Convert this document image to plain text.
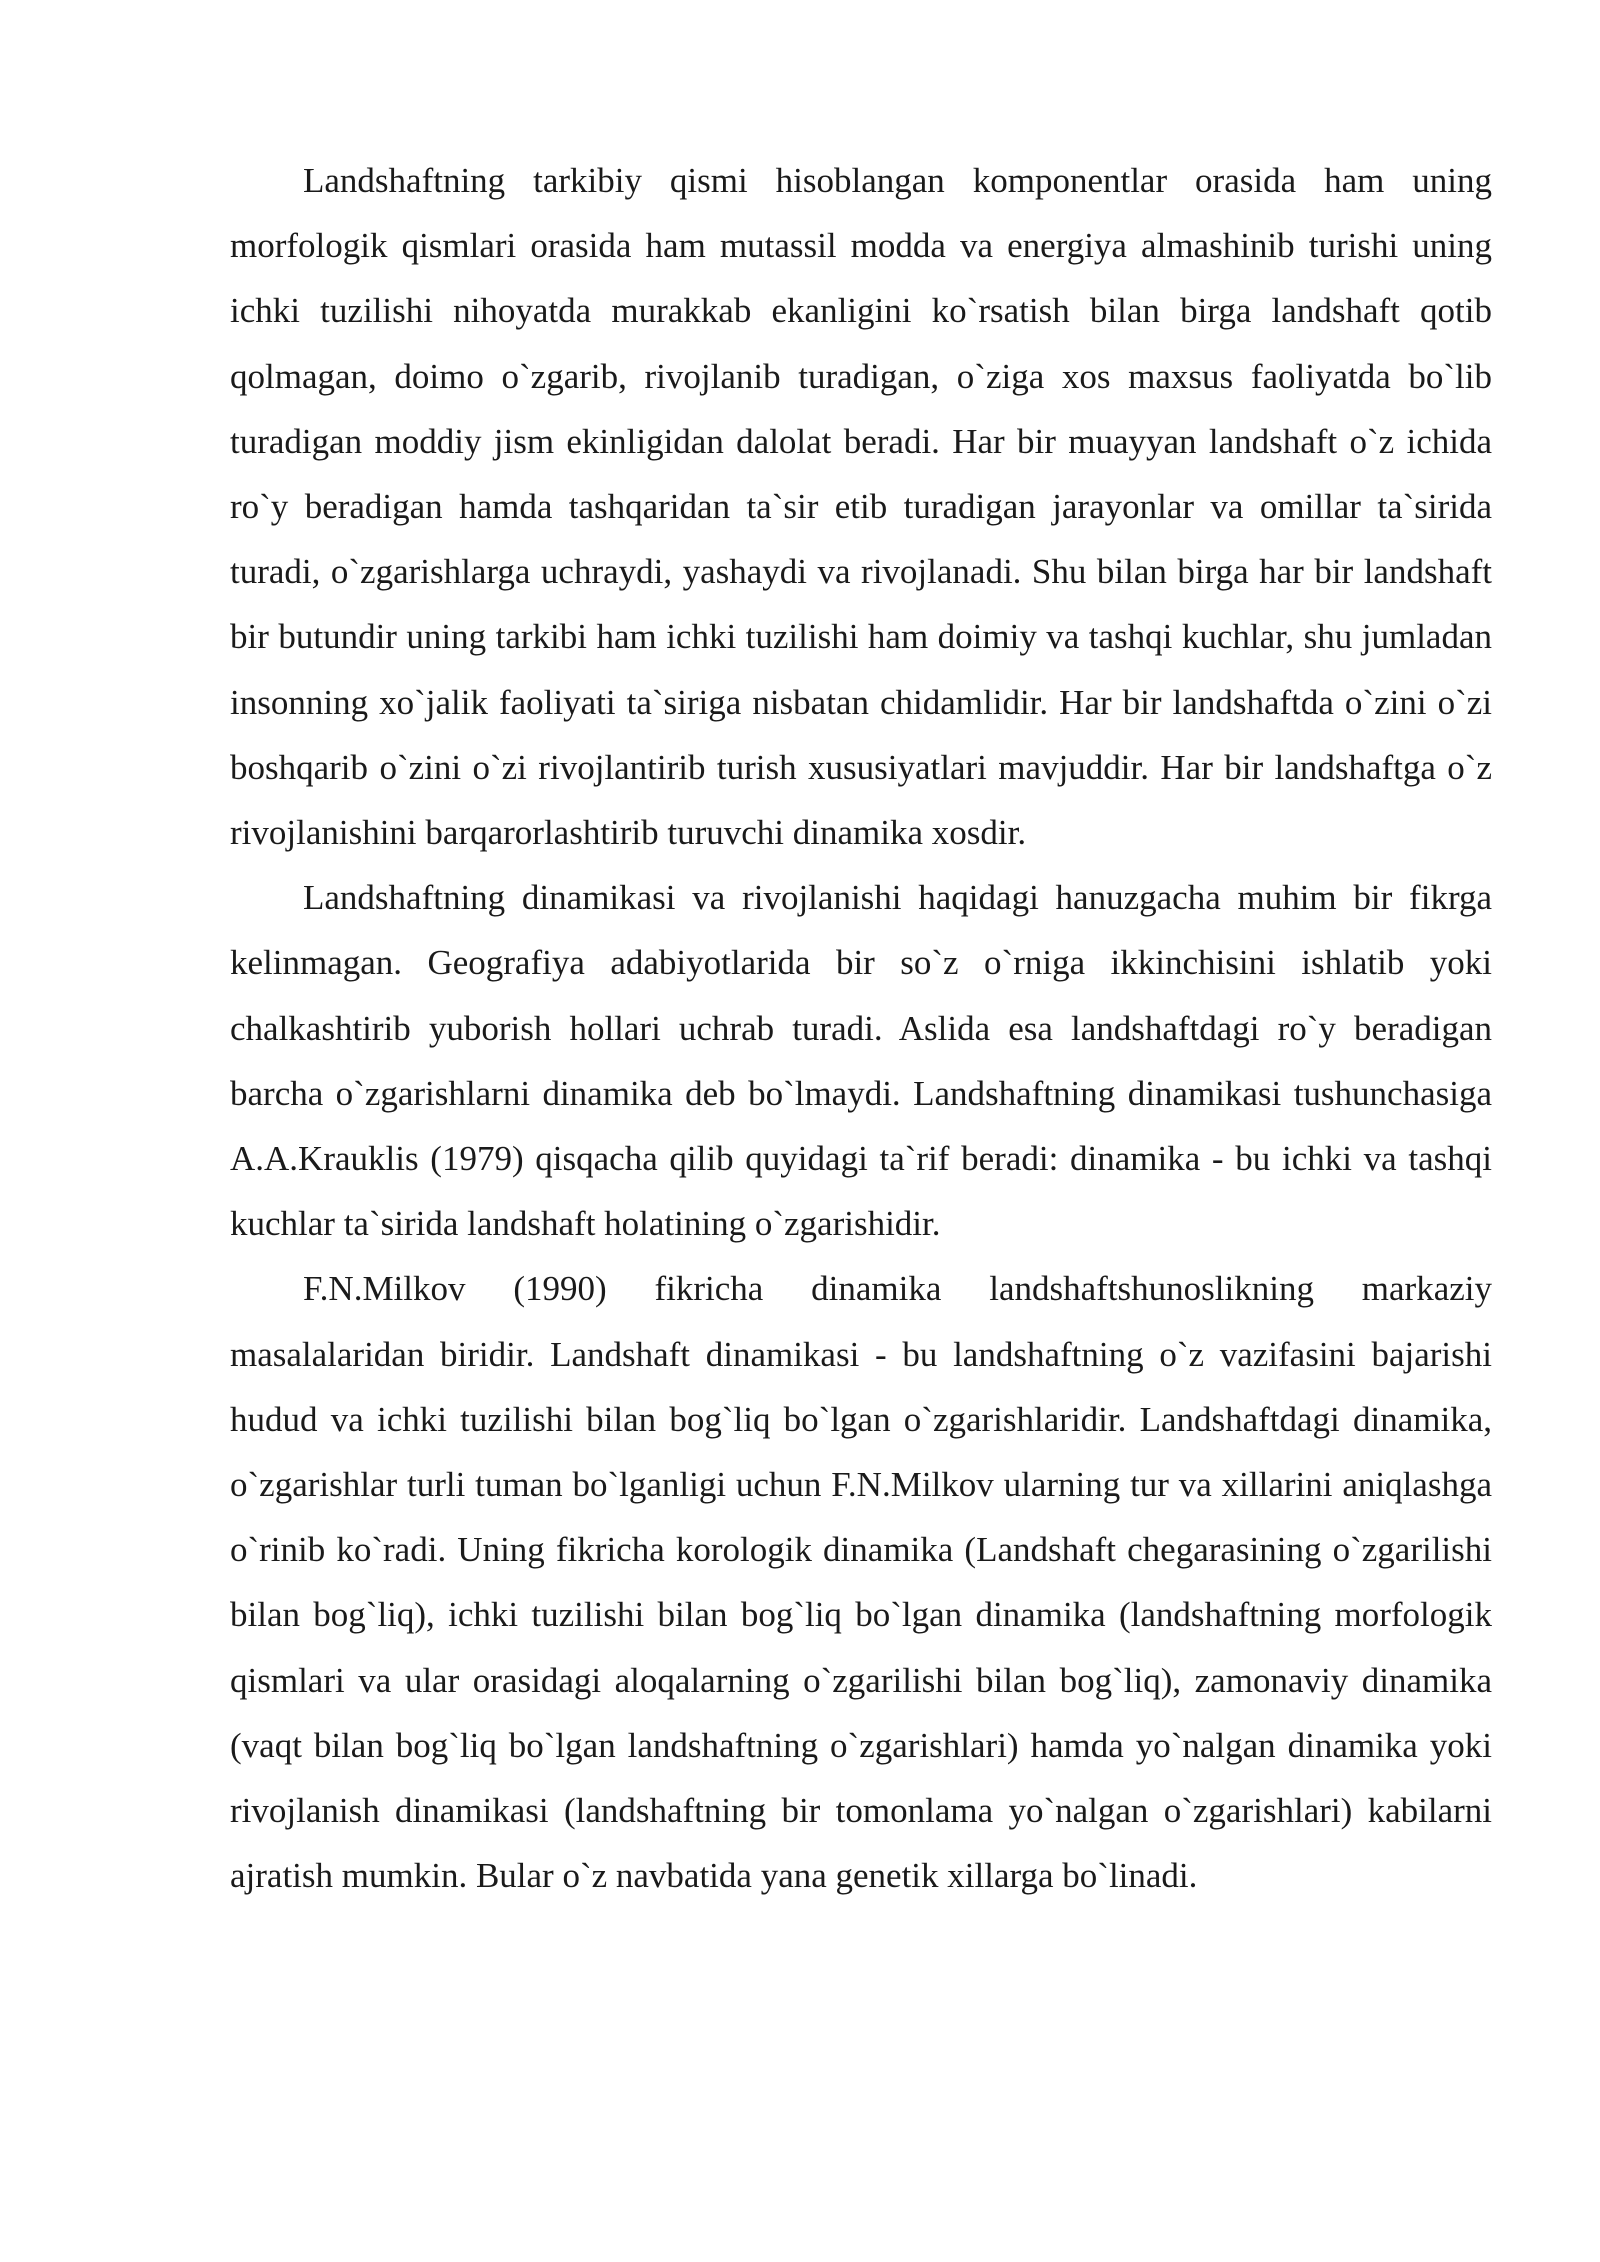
Landshaftning tarkibiy qismi hisoblangan komponentlar orasida ham uning morfologik qismlari orasida ham mutassil modda va energiya almashinib turishi uning ichki tuzilishi nihoyatda murakkab ekanligini ko`rsatish bilan birga landshaft qotib qolmagan, doimo o`zgarib, rivojlanib turadigan, o`ziga xos maxsus faoliyatda bo`lib turadigan moddiy jism ekinligidan dalolat beradi. Har bir muayyan landshaft o`z ichida ro`y beradigan hamda tashqaridan ta`sir etib turadigan jarayonlar va omillar ta`sirida turadi, o`zgarishlarga uchraydi, yashaydi va rivojlanadi. Shu bilan birga har bir landshaft bir butundir uning tarkibi ham ichki tuzilishi ham doimiy va tashqi kuchlar, shu jumladan insonning xo`jalik faoliyati ta`siriga nisbatan chidamlidir. Har bir landshaftda o`zini o`zi boshqarib o`zini o`zi rivojlantirib turish xususiyatlari mavjuddir. Har bir landshaftga o`z rivojlanishini barqarorlashtirib turuvchi dinamika xosdir.

Landshaftning dinamikasi va rivojlanishi haqidagi hanuzgacha muhim bir fikrga kelinmagan. Geografiya adabiyotlarida bir so`z o`rniga ikkinchisini ishlatib yoki chalkashtirib yuborish hollari uchrab turadi. Aslida esa landshaftdagi ro`y beradigan barcha o`zgarishlarni dinamika deb bo`lmaydi. Landshaftning dinamikasi tushunchasiga A.A.Krauklis (1979) qisqacha qilib quyidagi ta`rif beradi: dinamika - bu ichki va tashqi kuchlar ta`sirida landshaft holatining o`zgarishidir.

F.N.Milkov (1990) fikricha dinamika landshaftshunoslikning markaziy masalalaridan biridir. Landshaft dinamikasi - bu landshaftning o`z vazifasini bajarishi hudud va ichki tuzilishi bilan bog`liq bo`lgan o`zgarishlaridir. Landshaftdagi dinamika, o`zgarishlar turli tuman bo`lganligi uchun F.N.Milkov ularning tur va xillarini aniqlashga o`rinib ko`radi. Uning fikricha korologik dinamika (Landshaft chegarasining o`zgarilishi bilan bog`liq), ichki tuzilishi bilan bog`liq bo`lgan dinamika (landshaftning morfologik qismlari va ular orasidagi aloqalarning o`zgarilishi bilan bog`liq), zamonaviy dinamika (vaqt bilan bog`liq bo`lgan landshaftning o`zgarishlari) hamda yo`nalgan dinamika yoki rivojlanish dinamikasi (landshaftning bir tomonlama yo`nalgan o`zgarishlari) kabilarni ajratish mumkin. Bular o`z navbatida yana genetik xillarga bo`linadi.
